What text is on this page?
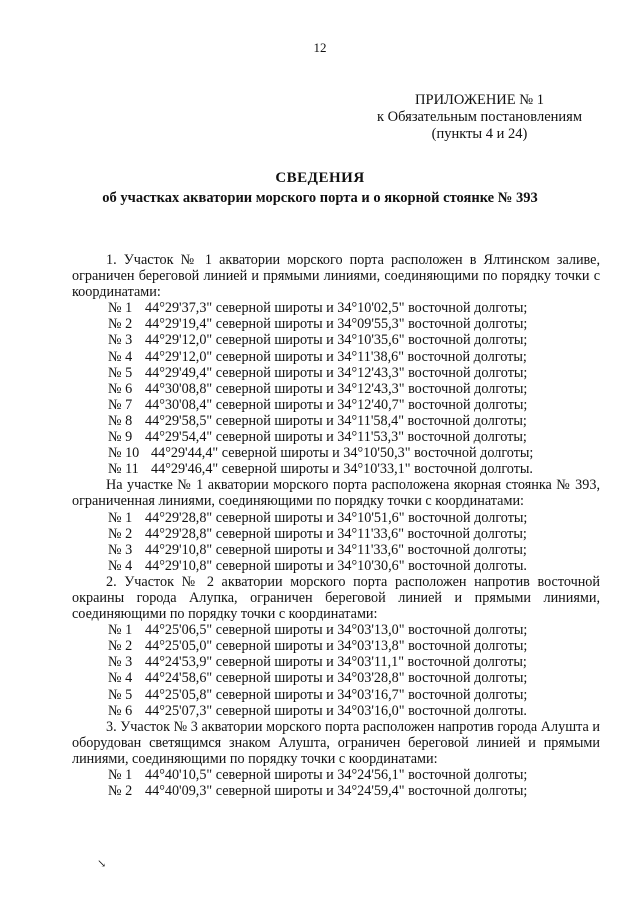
12
ПРИЛОЖЕНИЕ № 1
к Обязательным постановлениям
(пункты 4 и 24)
СВЕДЕНИЯ
об участках акватории морского порта и о якорной стоянке № 393
1. Участок № 1 акватории морского порта расположен в Ялтинском заливе, ограничен береговой линией и прямыми линиями, соединяющими по порядку точки с координатами:
№ 1 44°29'37,3" северной широты и 34°10'02,5" восточной долготы;
№ 2 44°29'19,4" северной широты и 34°09'55,3" восточной долготы;
№ 3 44°29'12,0" северной широты и 34°10'35,6" восточной долготы;
№ 4 44°29'12,0" северной широты и 34°11'38,6" восточной долготы;
№ 5 44°29'49,4" северной широты и 34°12'43,3" восточной долготы;
№ 6 44°30'08,8" северной широты и 34°12'43,3" восточной долготы;
№ 7 44°30'08,4" северной широты и 34°12'40,7" восточной долготы;
№ 8 44°29'58,5" северной широты и 34°11'58,4" восточной долготы;
№ 9 44°29'54,4" северной широты и 34°11'53,3" восточной долготы;
№ 10 44°29'44,4" северной широты и 34°10'50,3" восточной долготы;
№ 11 44°29'46,4" северной широты и 34°10'33,1" восточной долготы.
На участке № 1 акватории морского порта расположена якорная стоянка № 393, ограниченная линиями, соединяющими по порядку точки с координатами:
№ 1 44°29'28,8" северной широты и 34°10'51,6" восточной долготы;
№ 2 44°29'28,8" северной широты и 34°11'33,6" восточной долготы;
№ 3 44°29'10,8" северной широты и 34°11'33,6" восточной долготы;
№ 4 44°29'10,8" северной широты и 34°10'30,6" восточной долготы.
2. Участок № 2 акватории морского порта расположен напротив восточной окраины города Алупка, ограничен береговой линией и прямыми линиями, соединяющими по порядку точки с координатами:
№ 1 44°25'06,5" северной широты и 34°03'13,0" восточной долготы;
№ 2 44°25'05,0" северной широты и 34°03'13,8" восточной долготы;
№ 3 44°24'53,9" северной широты и 34°03'11,1" восточной долготы;
№ 4 44°24'58,6" северной широты и 34°03'28,8" восточной долготы;
№ 5 44°25'05,8" северной широты и 34°03'16,7" восточной долготы;
№ 6 44°25'07,3" северной широты и 34°03'16,0" восточной долготы.
3. Участок № 3 акватории морского порта расположен напротив города Алушта и оборудован светящимся знаком Алушта, ограничен береговой линией и прямыми линиями, соединяющими по порядку точки с координатами:
№ 1 44°40'10,5" северной широты и 34°24'56,1" восточной долготы;
№ 2 44°40'09,3" северной широты и 34°24'59,4" восточной долготы;
↘
